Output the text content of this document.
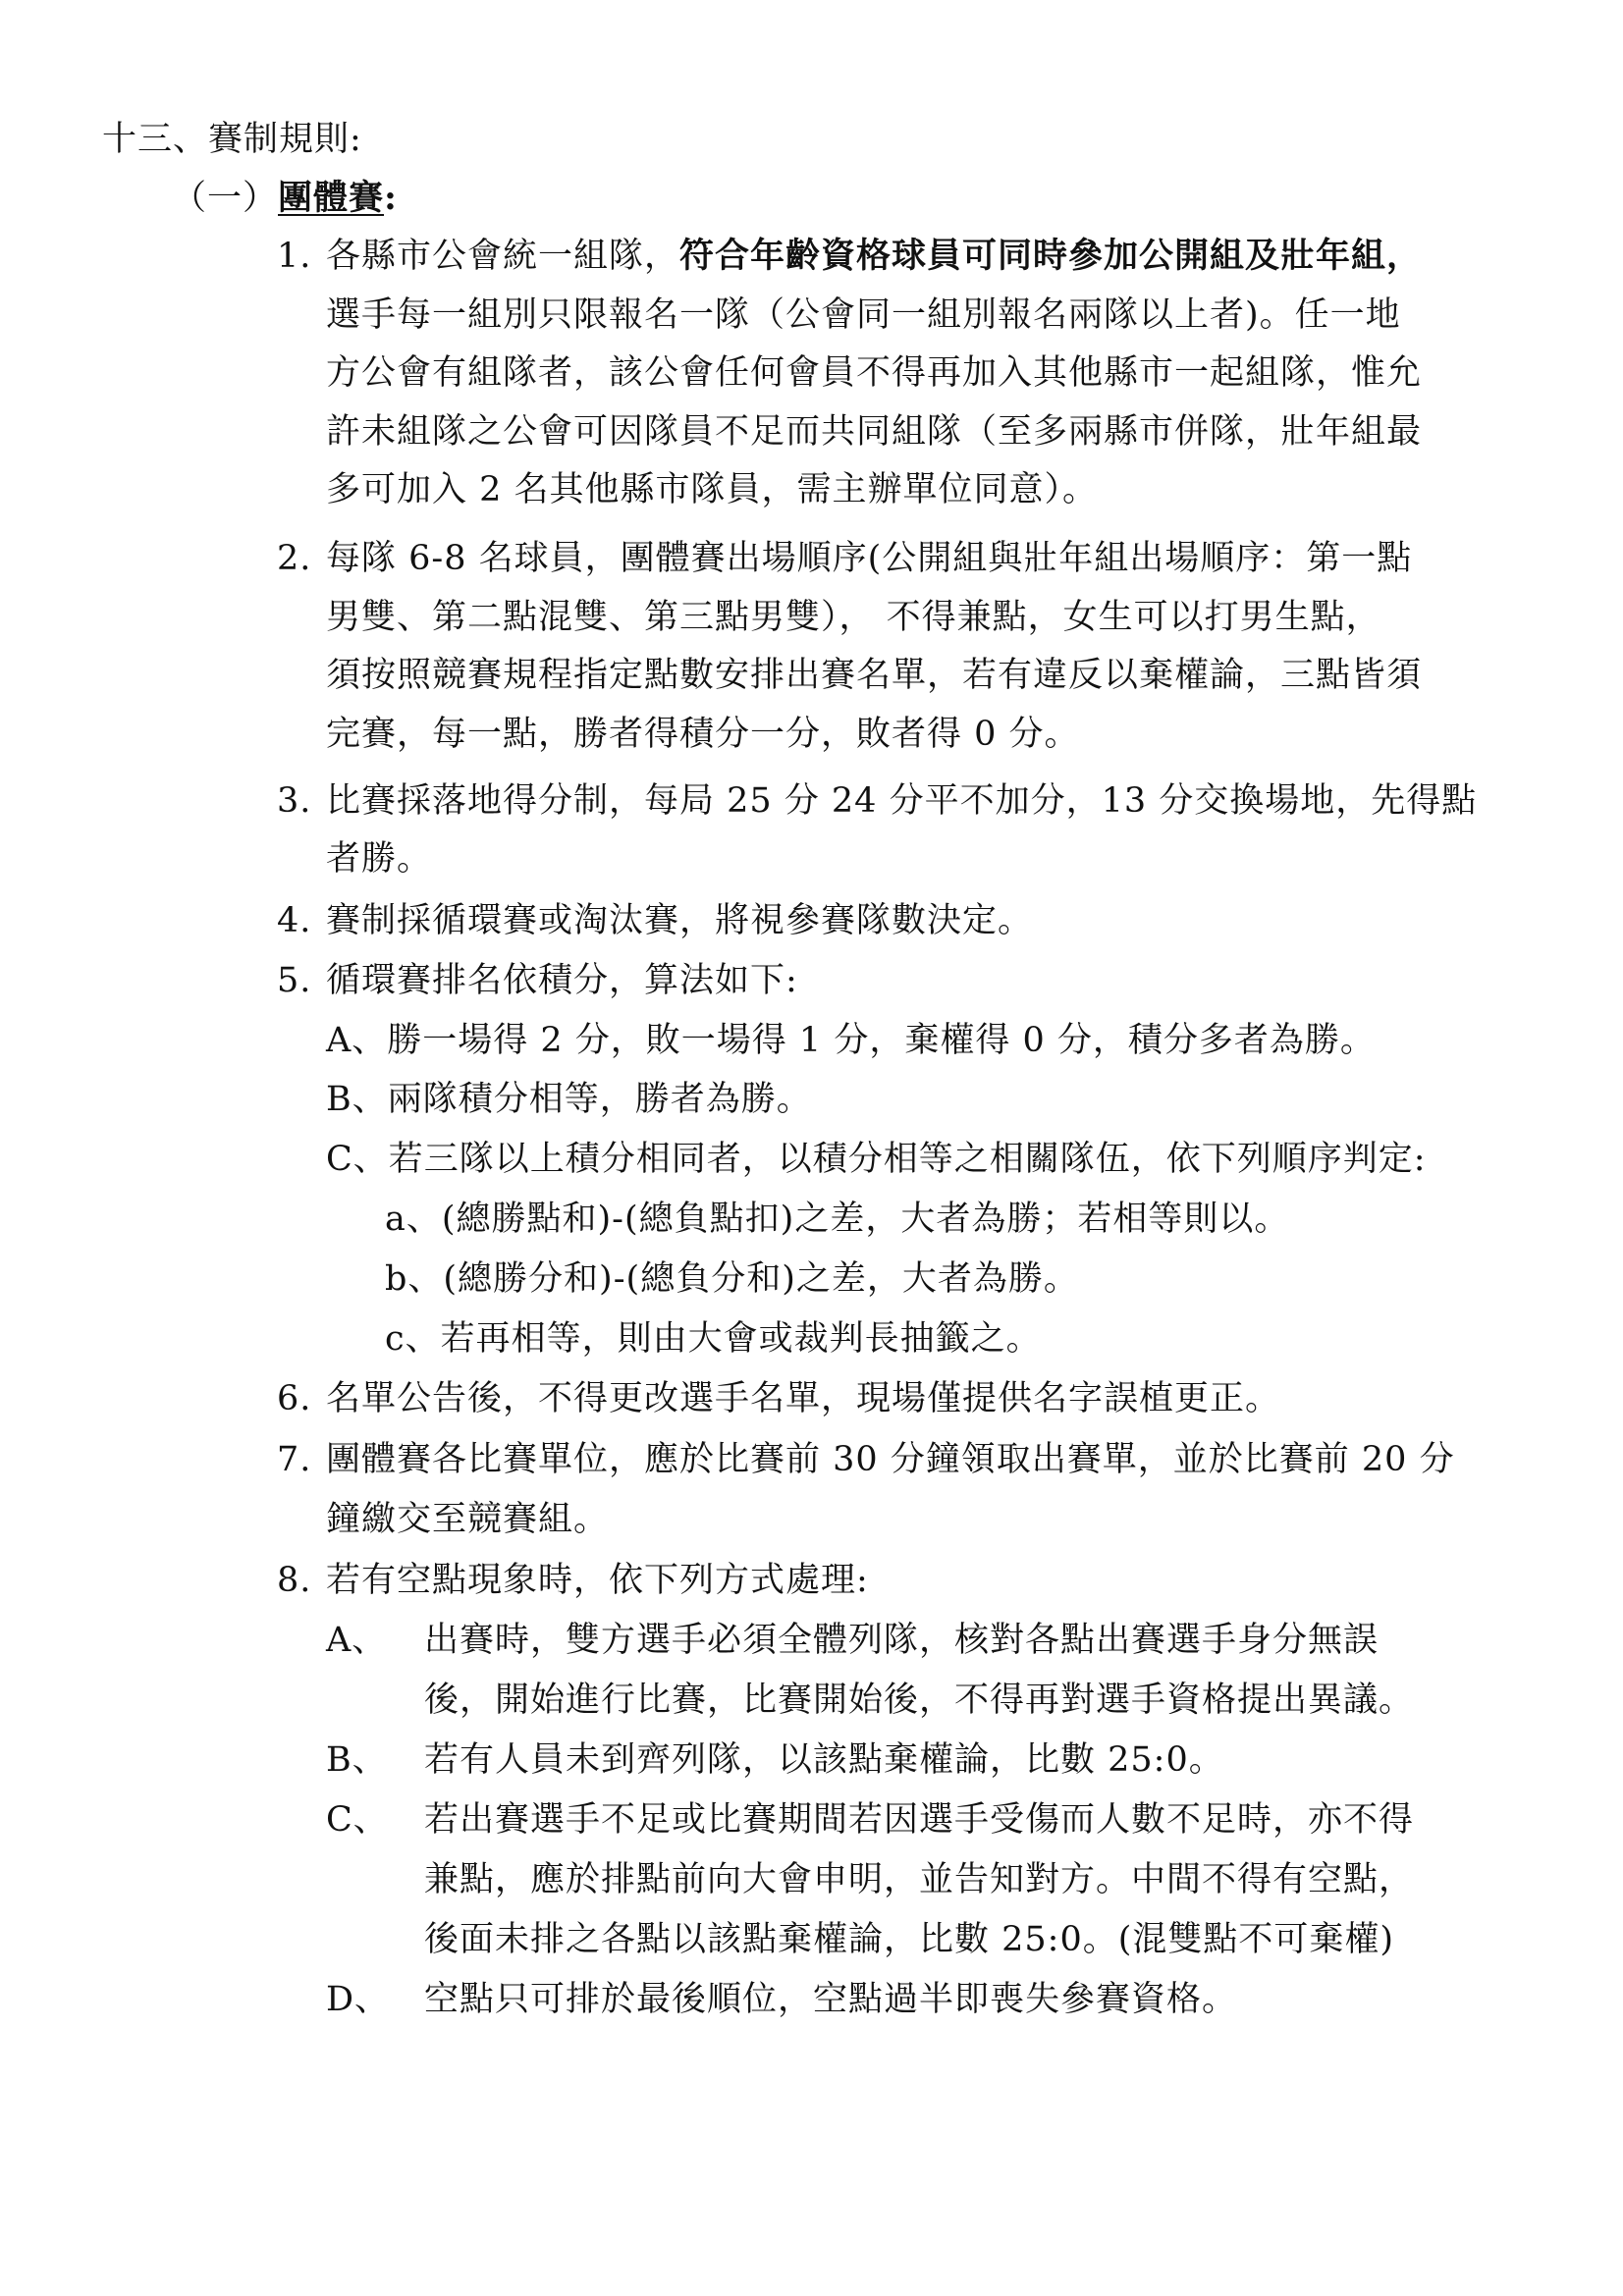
十三、賽制規則:
（一）團體賽:
1. 各縣市公會統一組隊，符合年齡資格球員可同時參加公開組及壯年組，
選手每一組別只限報名一隊（公會同一組別報名兩隊以上者)。任一地
方公會有組隊者，該公會任何會員不得再加入其他縣市一起組隊，惟允
許未組隊之公會可因隊員不足而共同組隊（至多兩縣市併隊，壯年組最
多可加入 2 名其他縣市隊員，需主辦單位同意）。
2. 每隊 6-8 名球員，團體賽出場順序(公開組與壯年組出場順序：第一點
男雙、第二點混雙、第三點男雙）， 不得兼點，女生可以打男生點，
須按照競賽規程指定點數安排出賽名單，若有違反以棄權論，三點皆須
完賽，每一點，勝者得積分一分，敗者得 0 分。
3. 比賽採落地得分制，每局 25 分 24 分平不加分，13 分交換場地，先得點
者勝。
4. 賽制採循環賽或淘汰賽，將視參賽隊數決定。
5. 循環賽排名依積分，算法如下:
A、勝一場得 2 分，敗一場得 1 分，棄權得 0 分，積分多者為勝。
B、兩隊積分相等，勝者為勝。
C、若三隊以上積分相同者，以積分相等之相關隊伍，依下列順序判定:
a、(總勝點和)-(總負點扣)之差，大者為勝；若相等則以。
b、(總勝分和)-(總負分和)之差，大者為勝。
c、若再相等，則由大會或裁判長抽籤之。
6. 名單公告後，不得更改選手名單，現場僅提供名字誤植更正。
7. 團體賽各比賽單位，應於比賽前 30 分鐘領取出賽單，並於比賽前 20 分
鐘繳交至競賽組。
8. 若有空點現象時，依下列方式處理:
A、 出賽時，雙方選手必須全體列隊，核對各點出賽選手身分無誤
後，開始進行比賽，比賽開始後，不得再對選手資格提出異議。
B、 若有人員未到齊列隊，以該點棄權論，比數 25:0。
C、 若出賽選手不足或比賽期間若因選手受傷而人數不足時，亦不得
兼點，應於排點前向大會申明，並告知對方。中間不得有空點，
後面未排之各點以該點棄權論，比數 25:0。(混雙點不可棄權)
D、 空點只可排於最後順位，空點過半即喪失參賽資格。
